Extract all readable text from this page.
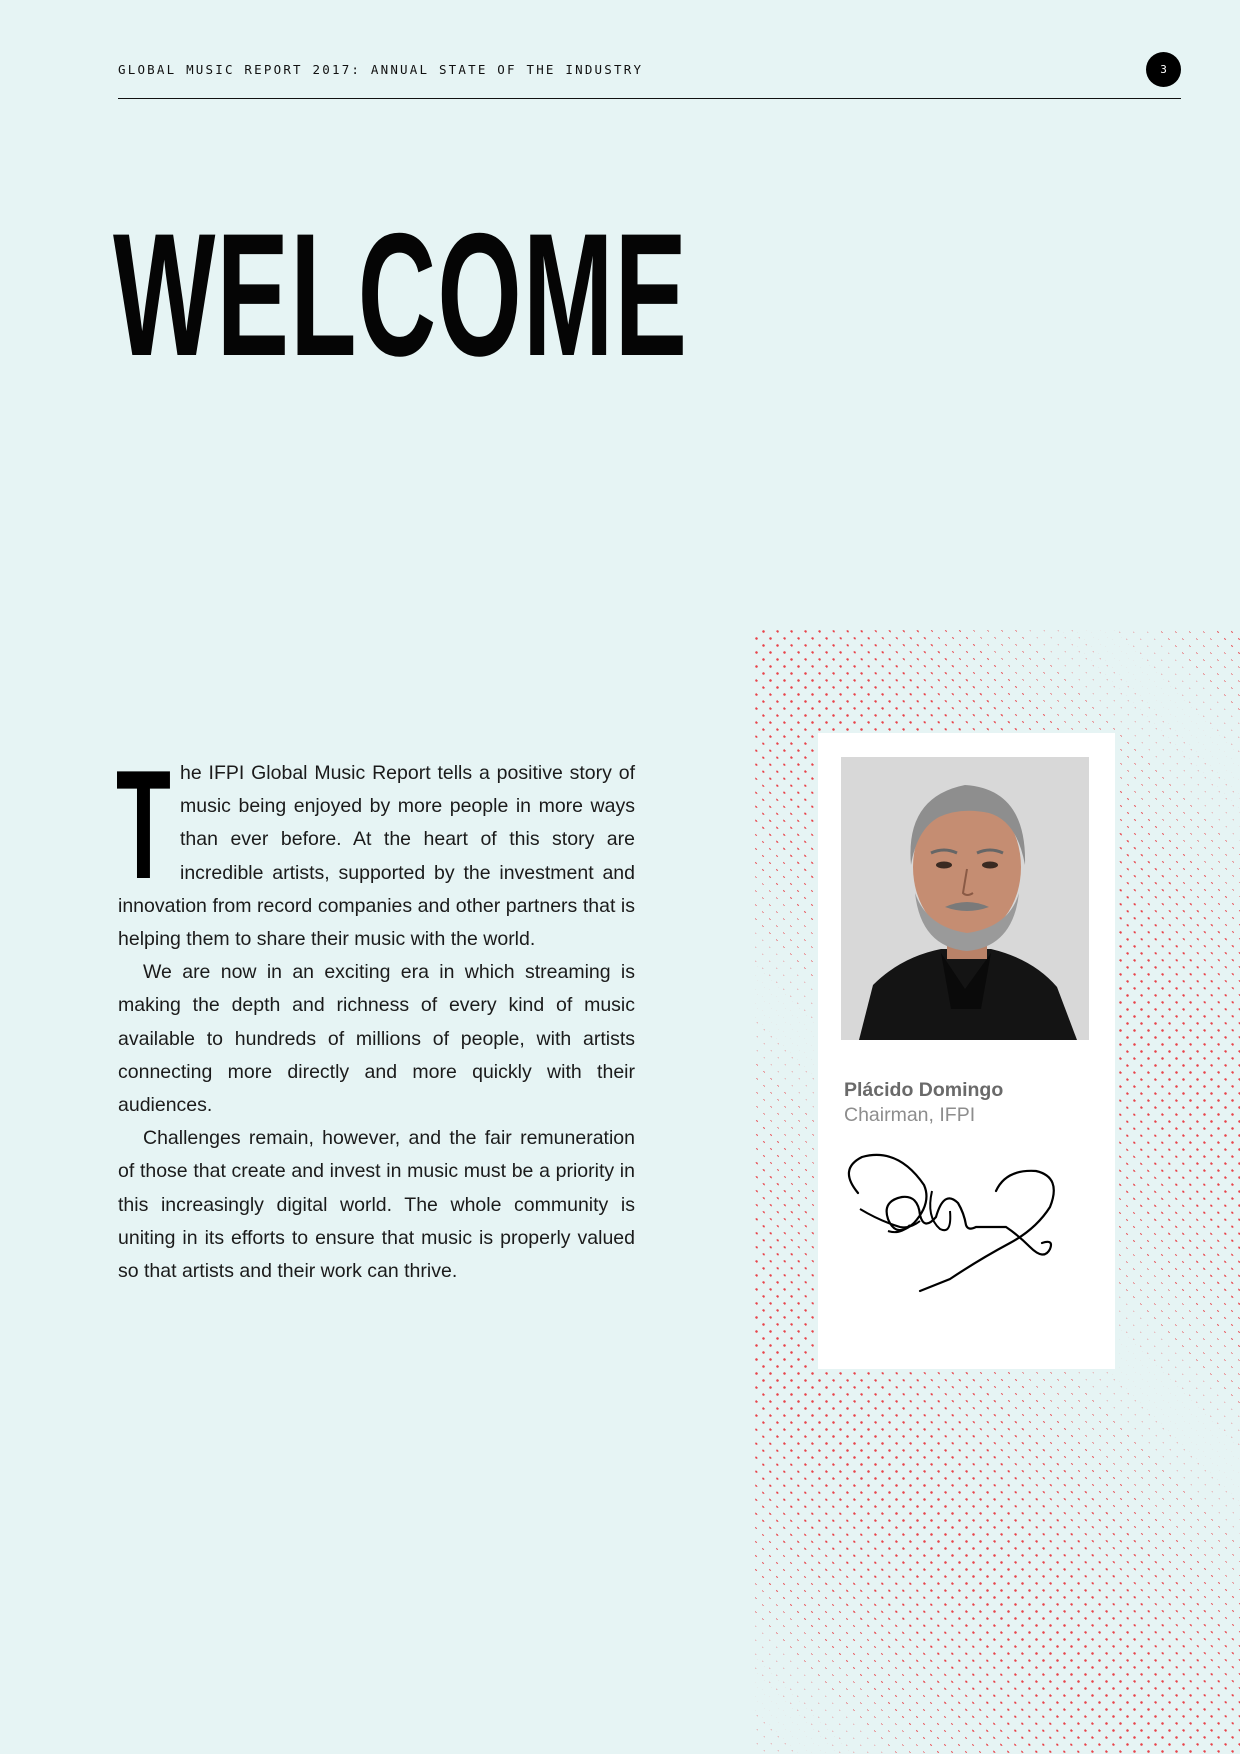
GLOBAL MUSIC REPORT 2017: ANNUAL STATE OF THE INDUSTRY	3
WELCOME

The IFPI Global Music Report tells a positive story of music being enjoyed by more people in more ways than ever before. At the heart of this story are incredible artists, supported by the investment and innovation from record companies and other partners that is helping them to share their music with the world.

We are now in an exciting era in which streaming is making the depth and richness of every kind of music available to hundreds of millions of people, with artists connecting more directly and more quickly with their audiences.

Challenges remain, however, and the fair remuneration of those that create and invest in music must be a priority in this increasingly digital world. The whole community is uniting in its efforts to ensure that music is properly valued so that artists and their work can thrive.

Plácido Domingo
Chairman, IFPI
